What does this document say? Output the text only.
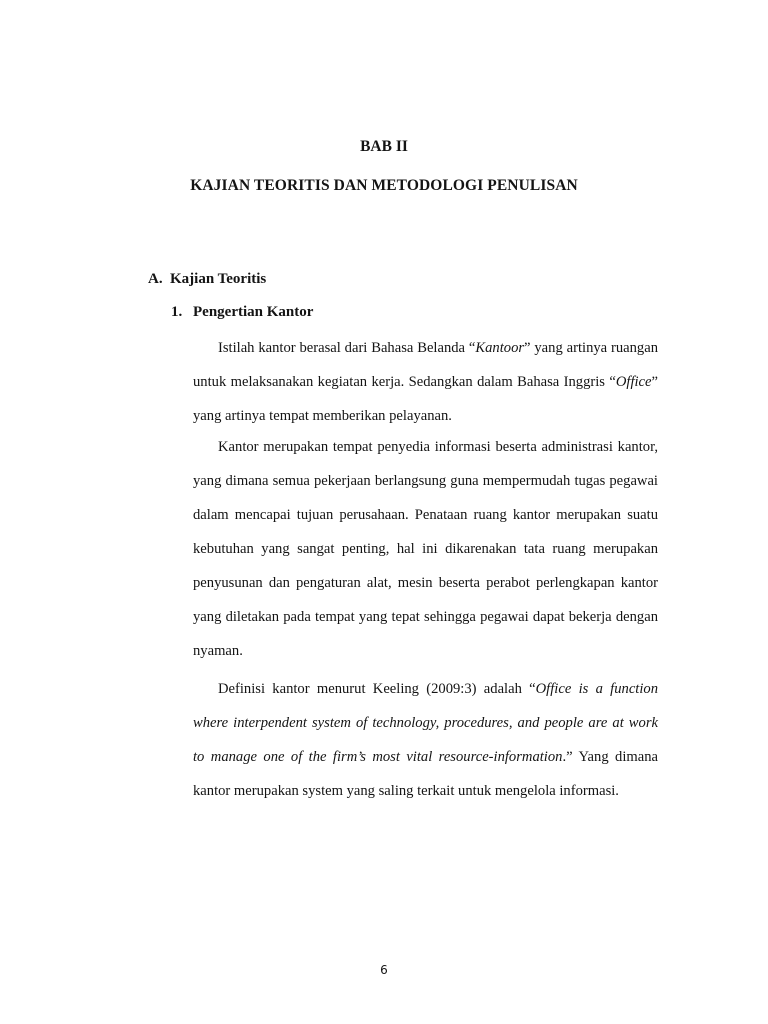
BAB II
KAJIAN TEORITIS DAN METODOLOGI PENULISAN
A. Kajian Teoritis
1. Pengertian Kantor

Istilah kantor berasal dari Bahasa Belanda “Kantoor” yang artinya ruangan untuk melaksanakan kegiatan kerja. Sedangkan dalam Bahasa Inggris “Office” yang artinya tempat memberikan pelayanan.

Kantor merupakan tempat penyedia informasi beserta administrasi kantor, yang dimana semua pekerjaan berlangsung guna mempermudah tugas pegawai dalam mencapai tujuan perusahaan. Penataan ruang kantor merupakan suatu kebutuhan yang sangat penting, hal ini dikarenakan tata ruang merupakan penyusunan dan pengaturan alat, mesin beserta perabot perlengkapan kantor yang diletakan pada tempat yang tepat sehingga pegawai dapat bekerja dengan nyaman.

Definisi kantor menurut Keeling (2009:3) adalah “Office is a function where interpendent system of technology, procedures, and people are at work to manage one of the firm’s most vital resource-information.” Yang dimana kantor merupakan system yang saling terkait untuk mengelola informasi.

6
